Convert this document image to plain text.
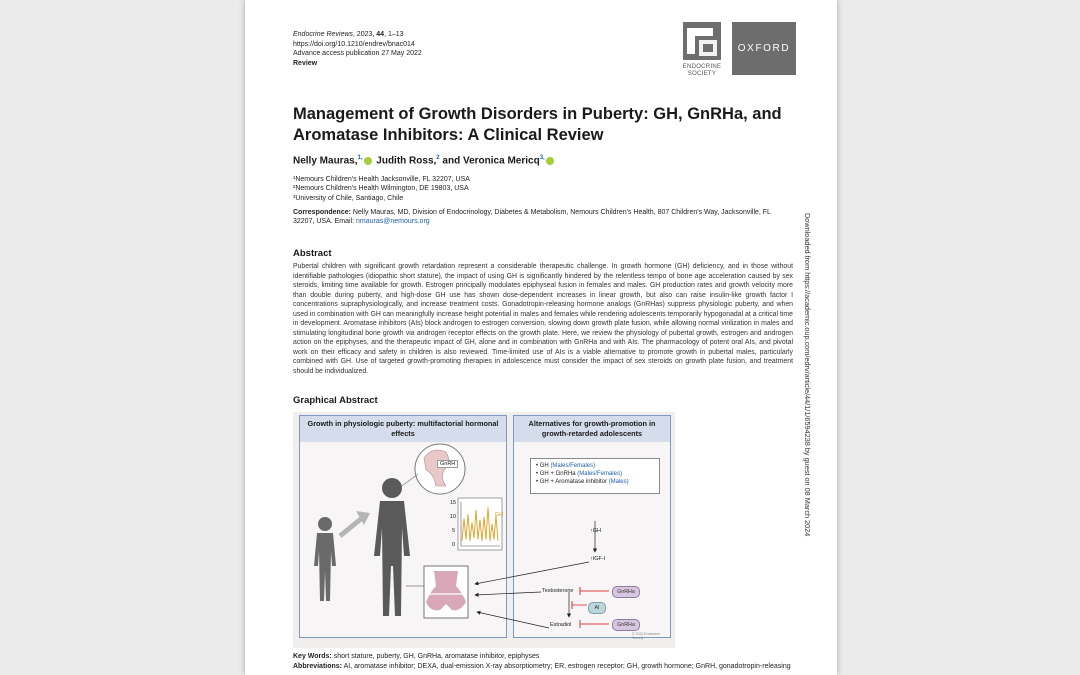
Endocrine Reviews, 2023, 44, 1–13
https://doi.org/10.1210/endrev/bnac014
Advance access publication 27 May 2022
Review
ENDOCRINE SOCIETY
OXFORD
Management of Growth Disorders in Puberty: GH, GnRHa, and Aromatase Inhibitors: A Clinical Review
Nelly Mauras,$^{1,}$ Judith Ross,$^2$ and Veronica Mericq$^{3,}$
¹Nemours Children's Health Jacksonville, FL 32207, USA
²Nemours Children's Health Wilmington, DE 19803, USA
³University of Chile, Santiago, Chile
Correspondence: Nelly Mauras, MD, Division of Endocrinology, Diabetes & Metabolism, Nemours Children's Health, 807 Children's Way, Jacksonville, FL 32207, USA. Email: nmauras@nemours.org
Abstract
Pubertal children with significant growth retardation represent a considerable therapeutic challenge. In growth hormone (GH) deficiency, and in those without identifiable pathologies (idiopathic short stature), the impact of using GH is significantly hindered by the relentless tempo of bone age acceleration caused by sex steroids, limiting time available for growth. Estrogen principally modulates epiphyseal fusion in females and males. GH production rates and growth velocity more than double during puberty, and high-dose GH use has shown dose-dependent increases in linear growth, but also can raise insulin-like growth factor I concentrations supraphysiologically, and increase treatment costs. Gonadotropin-releasing hormone analogs (GnRHas) suppress physiologic puberty, and when used in combination with GH can meaningfully increase height potential in males and females while rendering adolescents temporarily hypogonadal at a critical time in development. Aromatase inhibitors (AIs) block androgen to estrogen conversion, slowing down growth plate fusion, while allowing normal virilization in males and stimulating longitudinal bone growth via androgen receptor effects on the growth plate. Here, we review the physiology of pubertal growth, estrogen and androgen action on the epiphyses, and the therapeutic impact of GH, alone and in combination with GnRHa and with AIs. The pharmacology of potent oral AIs, and pivotal work on their efficacy and safety in children is also reviewed. Time-limited use of AIs is a viable alternative to promote growth in pubertal males, particularly combined with GH. Use of targeted growth-promoting therapies in adolescence must consider the impact of sex steroids on growth plate fusion, and treatment should be individualized.
Graphical Abstract
Growth in physiologic puberty: multifactorial hormonal effects
GnRH
GH
15
10
5
0
Alternatives for growth-promotion in growth-retarded adolescents
• GH (Males/Females)
• GH + GnRHa (Males/Females)
• GH + Aromatase inhibitor (Males)
↑GH
↑IGF-I
Testosterone
Estradiol
GnRHa
AI
GnRHa
© 2022 Endocrine Society
Key Words: short stature, puberty, GH, GnRHa, aromatase inhibitor, epiphyses
Abbreviations: AI, aromatase inhibitor; DEXA, dual-emission X-ray absorptiometry; ER, estrogen receptor; GH, growth hormone; GnRH, gonadotropin-releasing
Downloaded from https://academic.oup.com/edrv/article/44/1/1/6594238 by guest on 08 March 2024
